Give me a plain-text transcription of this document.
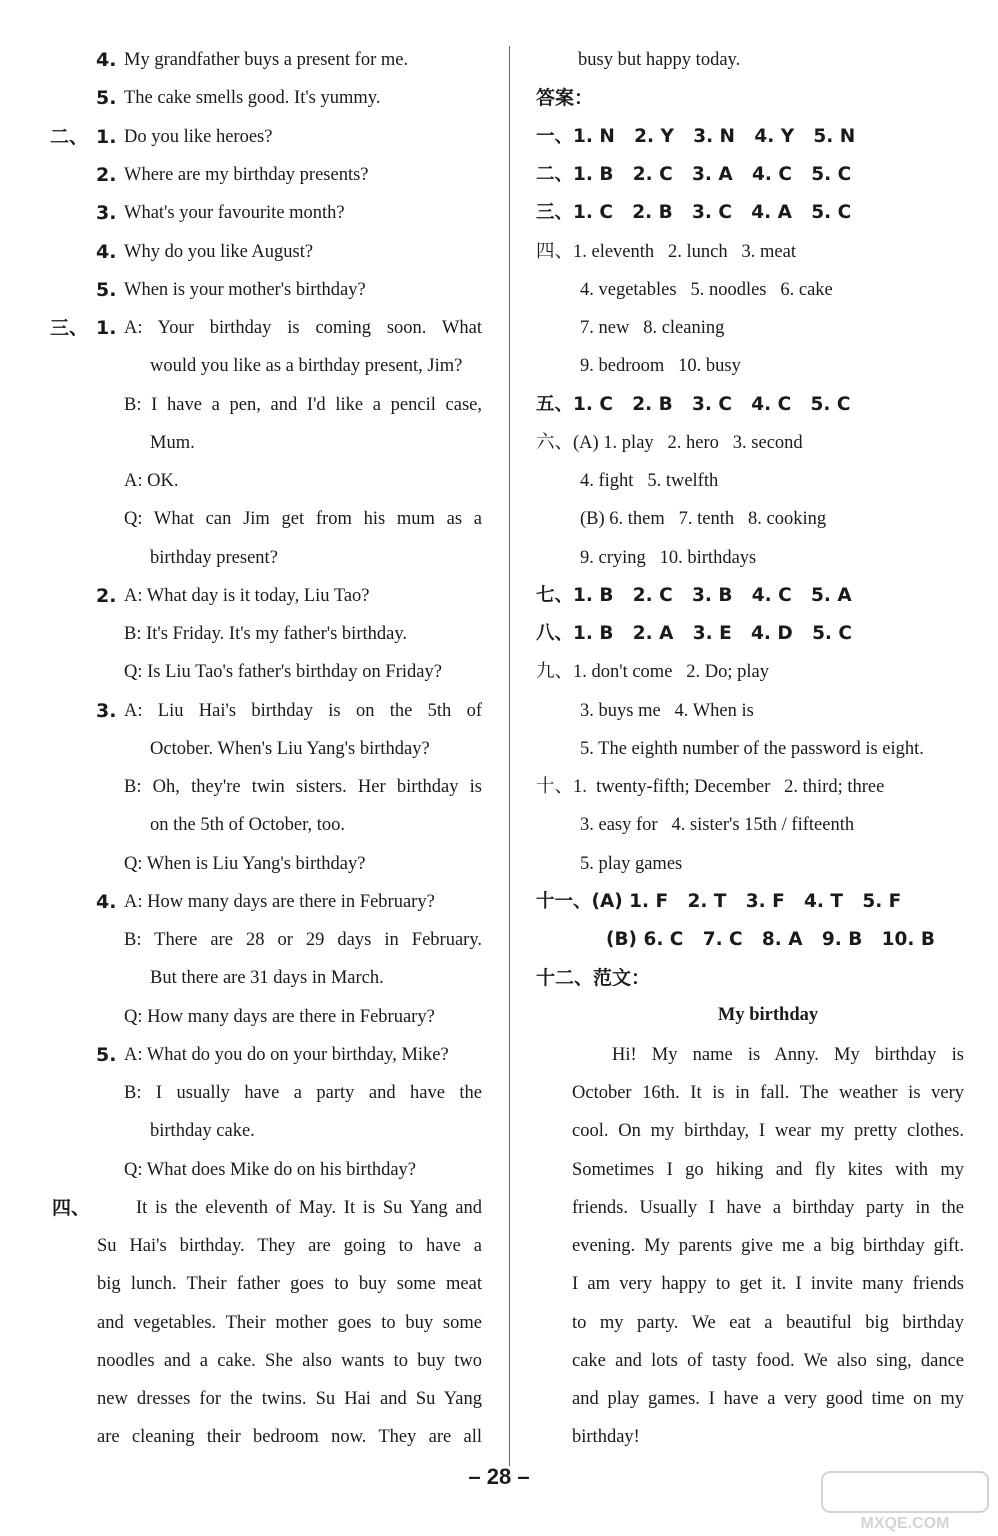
4. My grandfather buys a present for me.
5. The cake smells good. It's yummy.
二、 1. Do you like heroes?
2. Where are my birthday presents?
3. What's your favourite month?
4. Why do you like August?
5. When is your mother's birthday?
三、 1. A: Your birthday is coming soon. What
would you like as a birthday present, Jim?
B: I have a pen, and I'd like a pencil case,
Mum.
A: OK.
Q: What can Jim get from his mum as a
birthday present?
2. A: What day is it today, Liu Tao?
B: It's Friday. It's my father's birthday.
Q: Is Liu Tao's father's birthday on Friday?
3. A: Liu Hai's birthday is on the 5th of
October. When's Liu Yang's birthday?
B: Oh, they're twin sisters. Her birthday is
on the 5th of October, too.
Q: When is Liu Yang's birthday?
4. A: How many days are there in February?
B: There are 28 or 29 days in February.
But there are 31 days in March.
Q: How many days are there in February?
5. A: What do you do on your birthday, Mike?
B: I usually have a party and have the
birthday cake.
Q: What does Mike do on his birthday?
四、 It is the eleventh of May. It is Su Yang and
Su Hai's birthday. They are going to have a
big lunch. Their father goes to buy some meat
and vegetables. Their mother goes to buy some
noodles and a cake. She also wants to buy two
new dresses for the twins. Su Hai and Su Yang
are cleaning their bedroom now. They are all
busy but happy today.
答案：
一、1. N   2. Y   3. N   4. Y   5. N
二、1. B   2. C   3. A   4. C   5. C
三、1. C   2. B   3. C   4. A   5. C
四、1. eleventh   2. lunch   3. meat
4. vegetables   5. noodles   6. cake
7. new   8. cleaning
9. bedroom   10. busy
五、1. C   2. B   3. C   4. C   5. C
六、(A) 1. play   2. hero   3. second
4. fight   5. twelfth
(B) 6. them   7. tenth   8. cooking
9. crying   10. birthdays
七、1. B   2. C   3. B   4. C   5. A
八、1. B   2. A   3. E   4. D   5. C
九、1. don't come   2. Do; play
3. buys me   4. When is
5. The eighth number of the password is eight.
十、1.  twenty-fifth; December   2. third; three
3. easy for   4. sister's 15th / fifteenth
5. play games
十一、(A) 1. F   2. T   3. F   4. T   5. F
(B) 6. C   7. C   8. A   9. B   10. B
十二、范文：
My birthday
Hi! My name is Anny. My birthday is
October 16th. It is in fall. The weather is very
cool. On my birthday, I wear my pretty clothes.
Sometimes I go hiking and fly kites with my
friends. Usually I have a birthday party in the
evening. My parents give me a big birthday gift.
I am very happy to get it. I invite many friends
to my party. We eat a beautiful big birthday
cake and lots of tasty food. We also sing, dance
and play games. I have a very good time on my
birthday!
– 28 –
MXQE.COM
